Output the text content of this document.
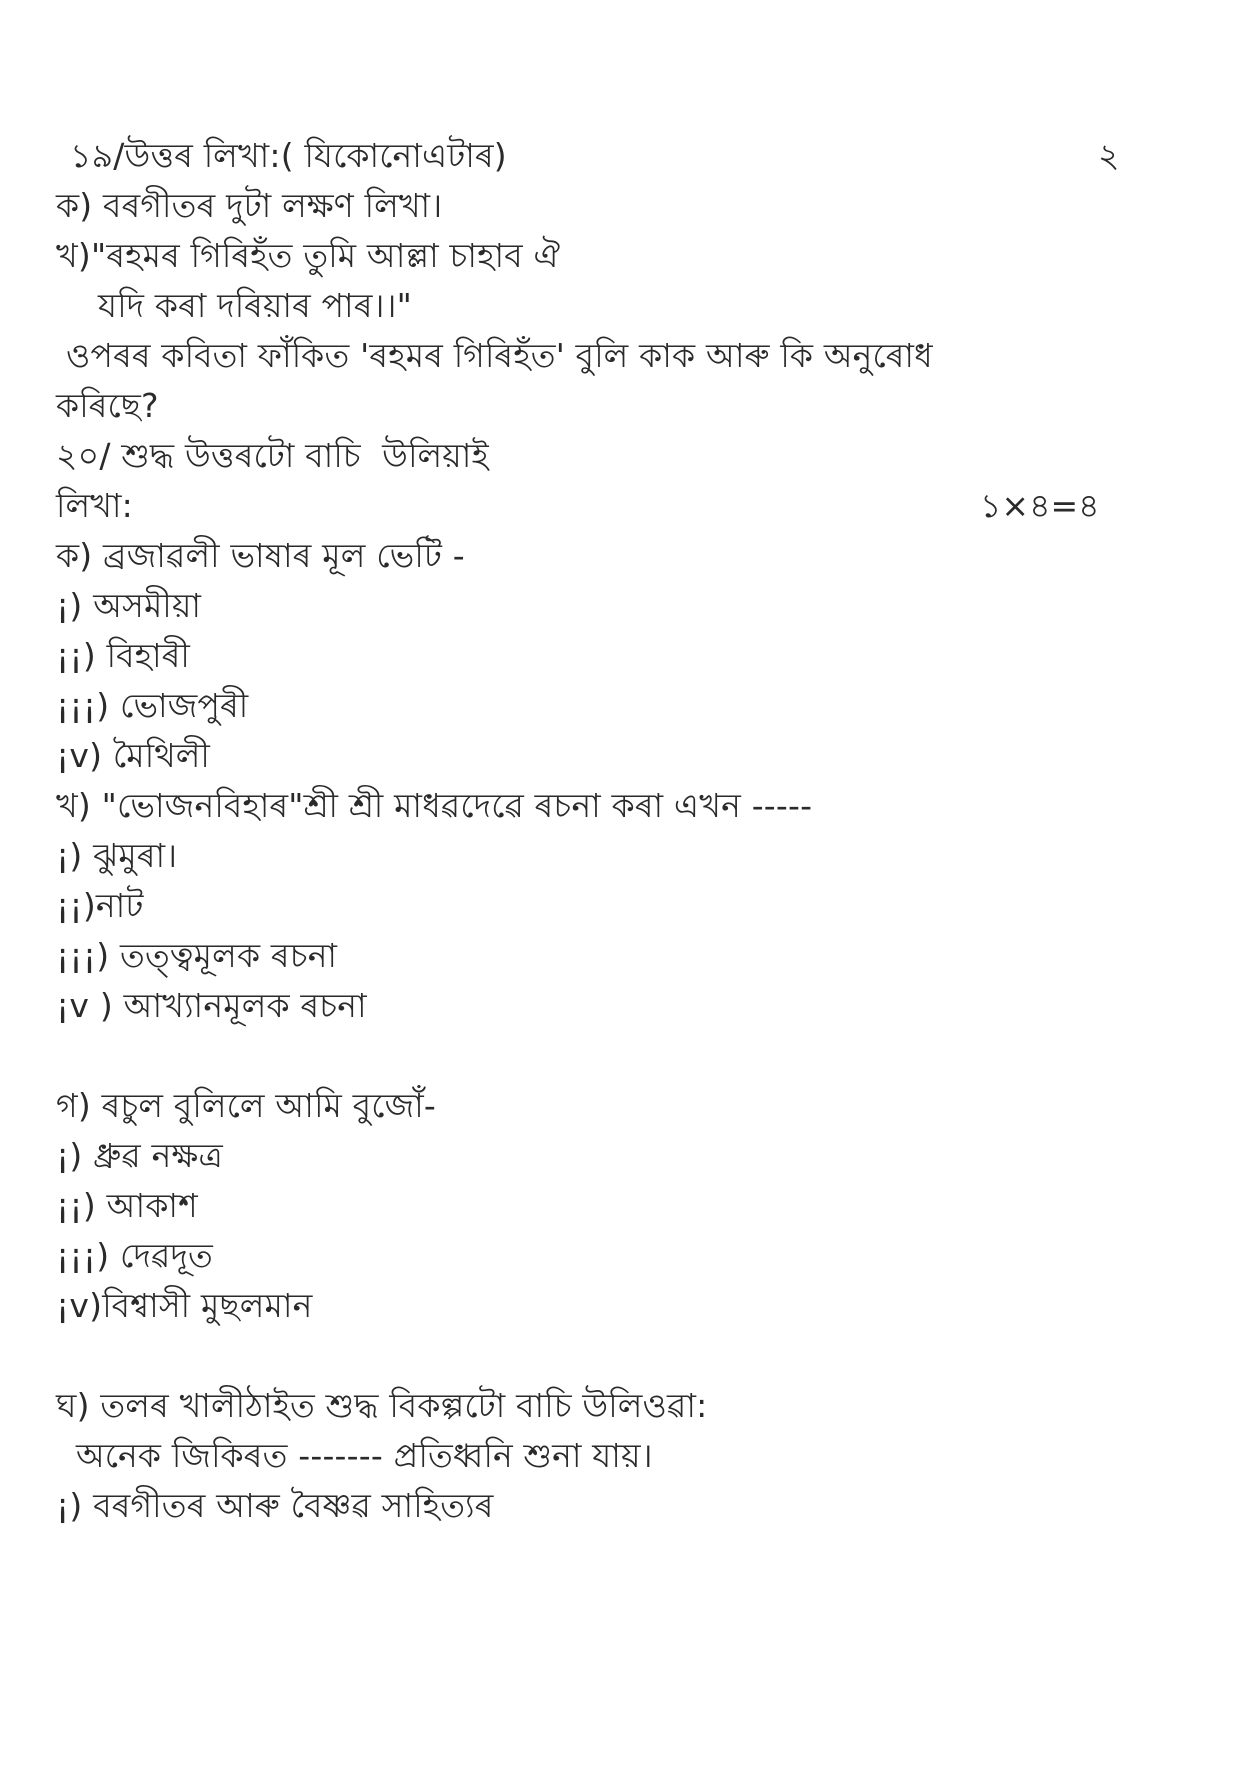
১৯/উত্তৰ লিখা:( যিকোনোএটাৰ)	২
ক) বৰগীতৰ দুটা লক্ষণ লিখা।
খ)"ৰহমৰ গিৰিহঁত তুমি আল্লা চাহাব ঐ
যদি কৰা দৰিয়াৰ পাৰ।।"
ওপৰৰ কবিতা ফাঁকিত 'ৰহমৰ গিৰিহঁত' বুলি কাক আৰু কি অনুৰোধ
কৰিছে?
২০/ শুদ্ধ উত্তৰটো বাচি  উলিয়াই
লিখা:	১×৪=৪
ক) ব্ৰজাৱলী ভাষাৰ মূল ভেটি -
¡) অসমীয়া
¡¡) বিহাৰী
¡¡¡) ভোজপুৰী
¡v) মৈথিলী
খ) "ভোজনবিহাৰ"শ্ৰী শ্ৰী মাধৱদেৱে ৰচনা কৰা এখন -----
¡) ঝুমুৰা।
¡¡)নাট
¡¡¡) তত্ত্বমূলক ৰচনা
¡v ) আখ্যানমূলক ৰচনা
গ) ৰচুল বুলিলে আমি বুজোঁ-
¡) ধ্রুৱ নক্ষত্র
¡¡) আকাশ
¡¡¡) দেৱদূত
¡v)বিশ্বাসী মুছলমান
ঘ) তলৰ খালীঠাইত শুদ্ধ বিকল্পটো বাচি উলিওৱা:
অনেক জিকিৰত ------- প্রতিধ্বনি শুনা যায়।
¡) বৰগীতৰ আৰু বৈষ্ণৱ সাহিত্যৰ
